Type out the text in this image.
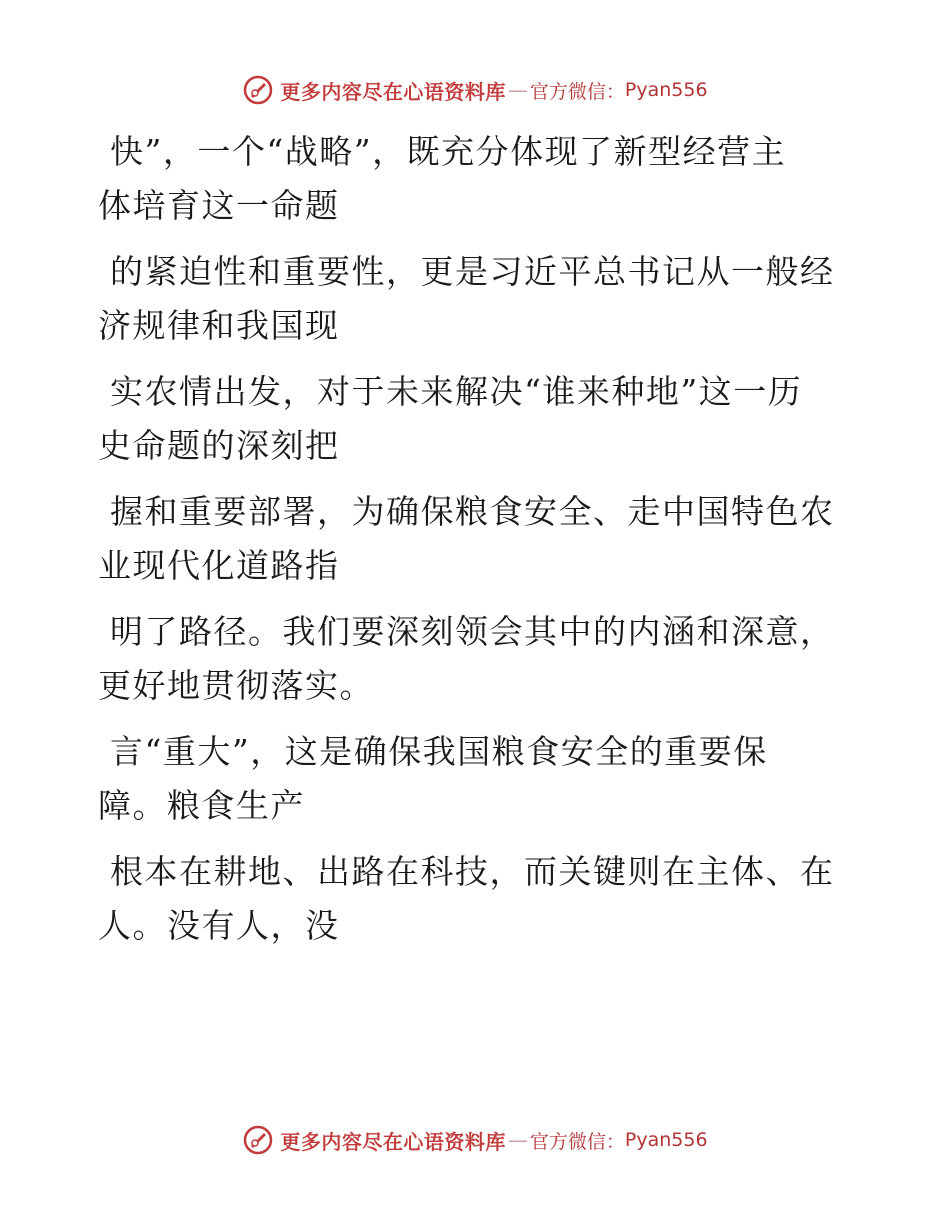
更多内容尽在心语资料库 — 官方微信： Pyan556
快”，一个“战略”，既充分体现了新型经营主
体培育这一命题
的紧迫性和重要性，更是习近平总书记从一般经
济规律和我国现
实农情出发，对于未来解决“谁来种地”这一历
史命题的深刻把
握和重要部署，为确保粮食安全、走中国特色农
业现代化道路指
明了路径。我们要深刻领会其中的内涵和深意，
更好地贯彻落实。
言“重大”，这是确保我国粮食安全的重要保
障。粮食生产
根本在耕地、出路在科技，而关键则在主体、在
人。没有人，没
更多内容尽在心语资料库 — 官方微信： Pyan556
